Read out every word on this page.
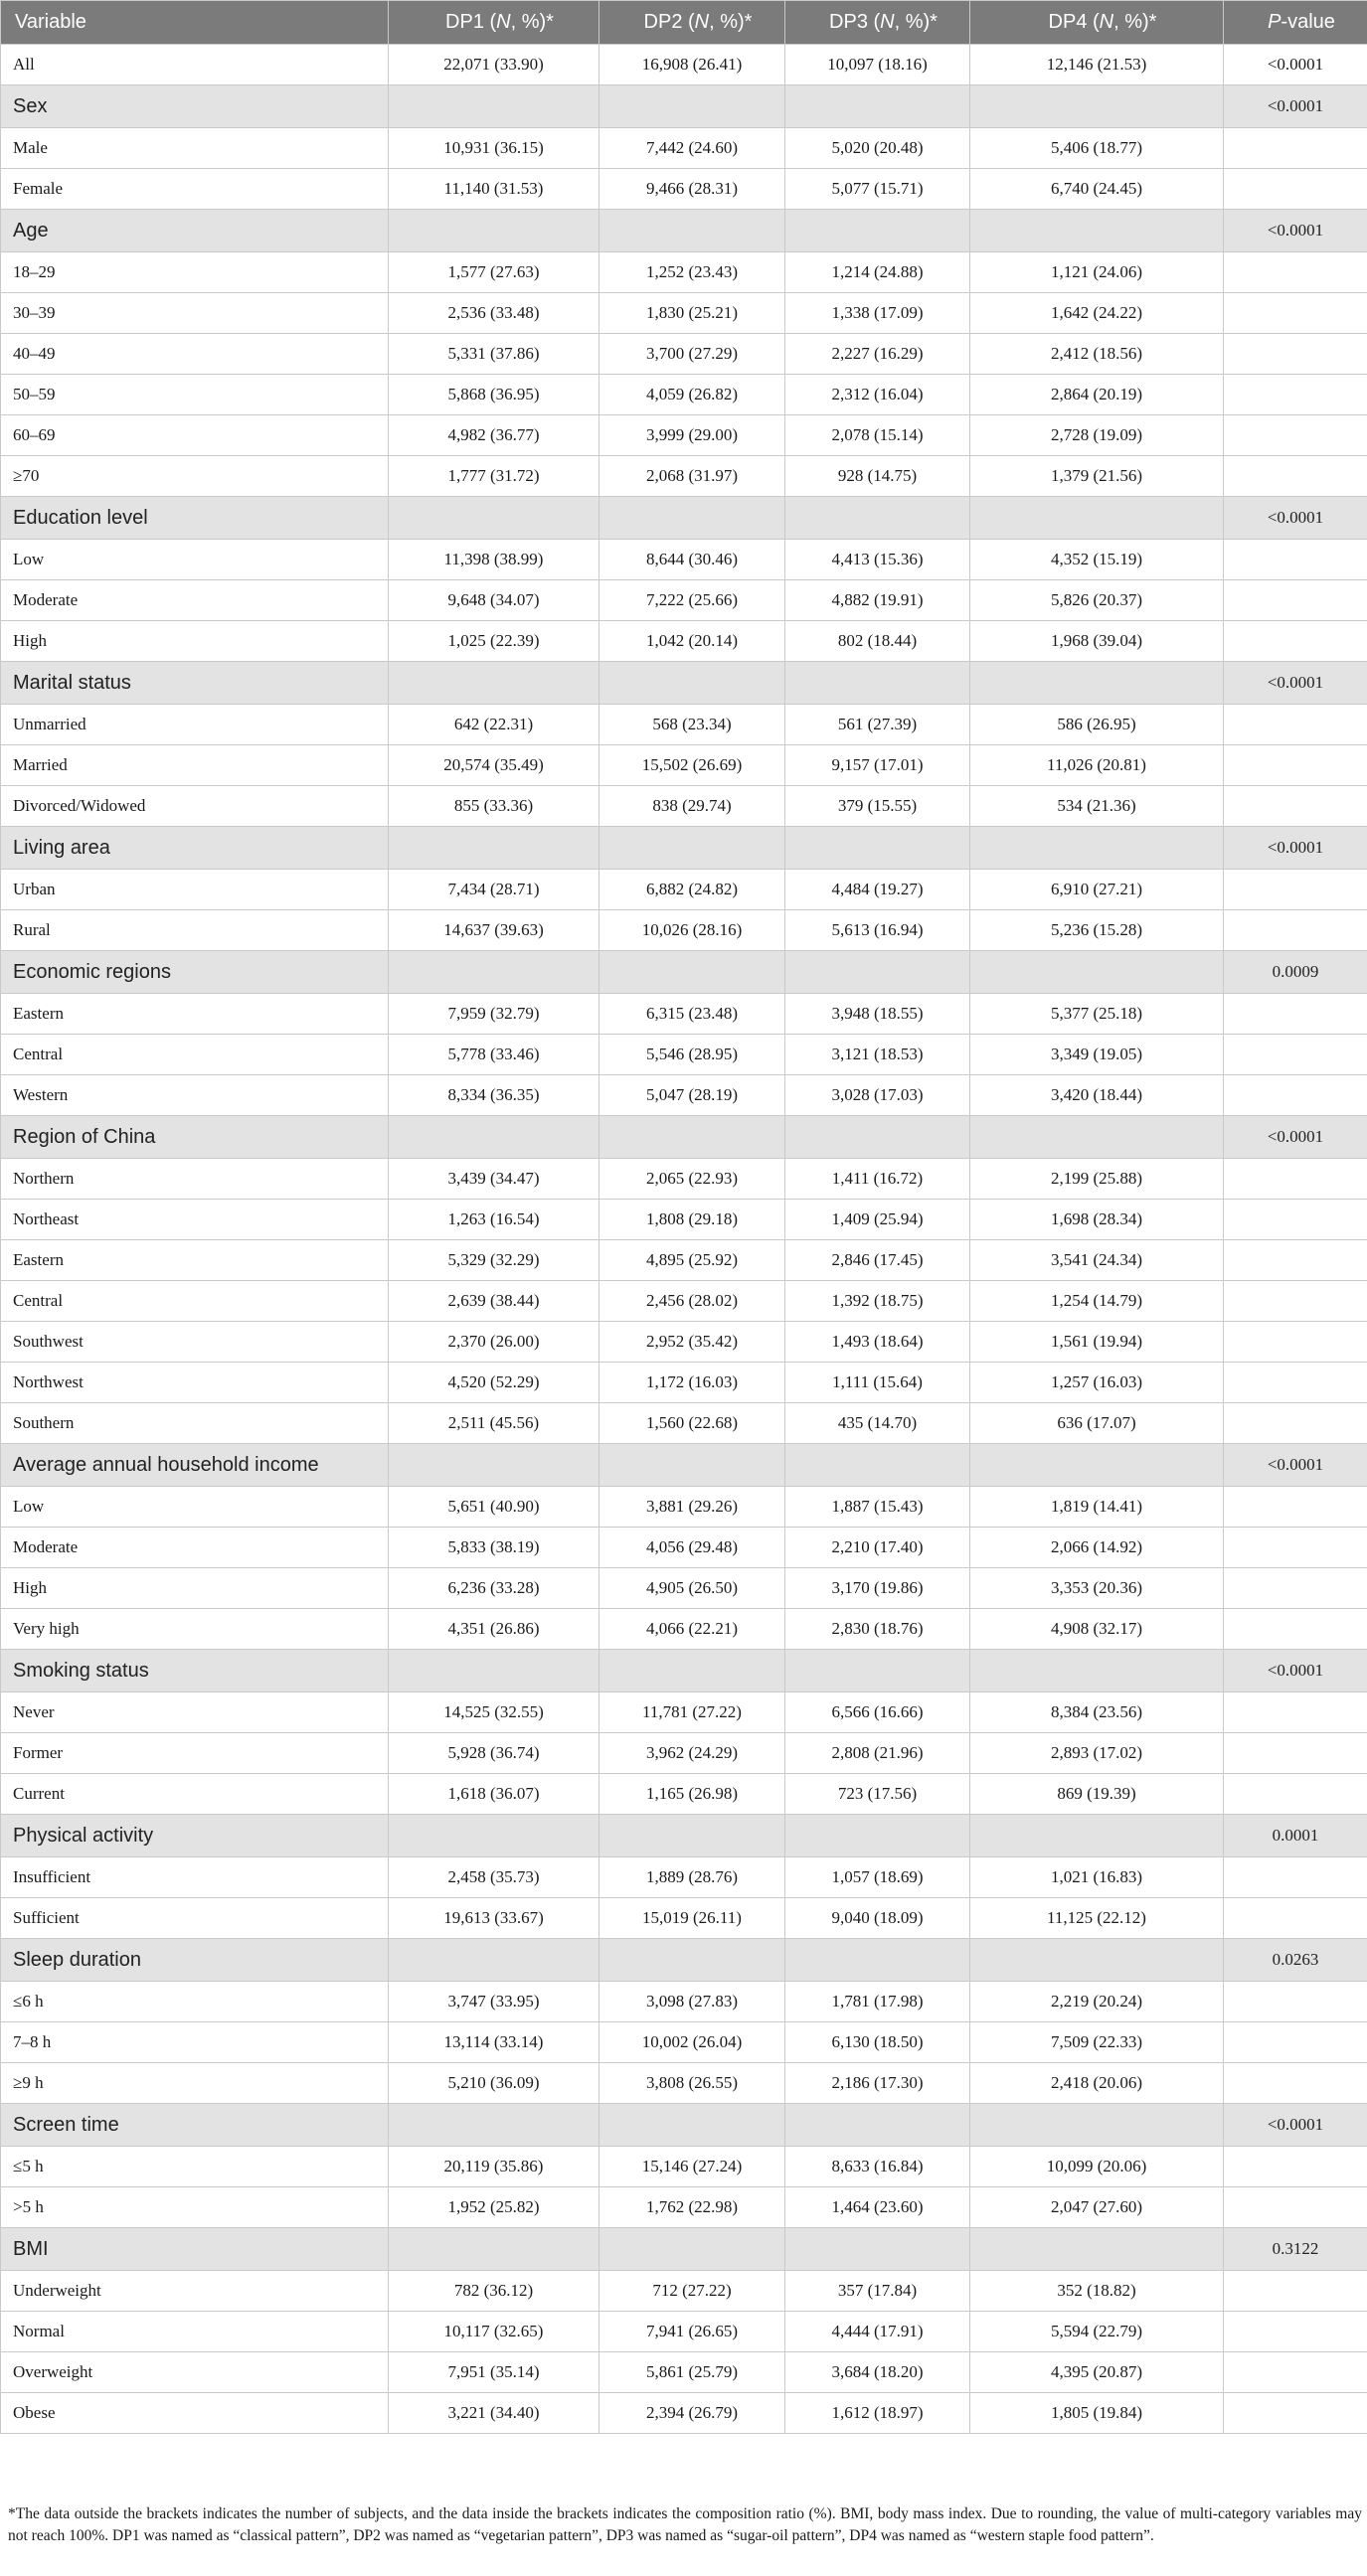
Variable	DP1 (N, %)*	DP2 (N, %)*	DP3 (N, %)*	DP4 (N, %)*	P-value
All	22,071 (33.90)	16,908 (26.41)	10,097 (18.16)	12,146 (21.53)	<0.0001
Sex					<0.0001
Male	10,931 (36.15)	7,442 (24.60)	5,020 (20.48)	5,406 (18.77)	
Female	11,140 (31.53)	9,466 (28.31)	5,077 (15.71)	6,740 (24.45)	
Age					<0.0001
18–29	1,577 (27.63)	1,252 (23.43)	1,214 (24.88)	1,121 (24.06)	
30–39	2,536 (33.48)	1,830 (25.21)	1,338 (17.09)	1,642 (24.22)	
40–49	5,331 (37.86)	3,700 (27.29)	2,227 (16.29)	2,412 (18.56)	
50–59	5,868 (36.95)	4,059 (26.82)	2,312 (16.04)	2,864 (20.19)	
60–69	4,982 (36.77)	3,999 (29.00)	2,078 (15.14)	2,728 (19.09)	
≥70	1,777 (31.72)	2,068 (31.97)	928 (14.75)	1,379 (21.56)	
Education level					<0.0001
Low	11,398 (38.99)	8,644 (30.46)	4,413 (15.36)	4,352 (15.19)	
Moderate	9,648 (34.07)	7,222 (25.66)	4,882 (19.91)	5,826 (20.37)	
High	1,025 (22.39)	1,042 (20.14)	802 (18.44)	1,968 (39.04)	
Marital status					<0.0001
Unmarried	642 (22.31)	568 (23.34)	561 (27.39)	586 (26.95)	
Married	20,574 (35.49)	15,502 (26.69)	9,157 (17.01)	11,026 (20.81)	
Divorced/Widowed	855 (33.36)	838 (29.74)	379 (15.55)	534 (21.36)	
Living area					<0.0001
Urban	7,434 (28.71)	6,882 (24.82)	4,484 (19.27)	6,910 (27.21)	
Rural	14,637 (39.63)	10,026 (28.16)	5,613 (16.94)	5,236 (15.28)	
Economic regions					0.0009
Eastern	7,959 (32.79)	6,315 (23.48)	3,948 (18.55)	5,377 (25.18)	
Central	5,778 (33.46)	5,546 (28.95)	3,121 (18.53)	3,349 (19.05)	
Western	8,334 (36.35)	5,047 (28.19)	3,028 (17.03)	3,420 (18.44)	
Region of China					<0.0001
Northern	3,439 (34.47)	2,065 (22.93)	1,411 (16.72)	2,199 (25.88)	
Northeast	1,263 (16.54)	1,808 (29.18)	1,409 (25.94)	1,698 (28.34)	
Eastern	5,329 (32.29)	4,895 (25.92)	2,846 (17.45)	3,541 (24.34)	
Central	2,639 (38.44)	2,456 (28.02)	1,392 (18.75)	1,254 (14.79)	
Southwest	2,370 (26.00)	2,952 (35.42)	1,493 (18.64)	1,561 (19.94)	
Northwest	4,520 (52.29)	1,172 (16.03)	1,111 (15.64)	1,257 (16.03)	
Southern	2,511 (45.56)	1,560 (22.68)	435 (14.70)	636 (17.07)	
Average annual household income					<0.0001
Low	5,651 (40.90)	3,881 (29.26)	1,887 (15.43)	1,819 (14.41)	
Moderate	5,833 (38.19)	4,056 (29.48)	2,210 (17.40)	2,066 (14.92)	
High	6,236 (33.28)	4,905 (26.50)	3,170 (19.86)	3,353 (20.36)	
Very high	4,351 (26.86)	4,066 (22.21)	2,830 (18.76)	4,908 (32.17)	
Smoking status					<0.0001
Never	14,525 (32.55)	11,781 (27.22)	6,566 (16.66)	8,384 (23.56)	
Former	5,928 (36.74)	3,962 (24.29)	2,808 (21.96)	2,893 (17.02)	
Current	1,618 (36.07)	1,165 (26.98)	723 (17.56)	869 (19.39)	
Physical activity					0.0001
Insufficient	2,458 (35.73)	1,889 (28.76)	1,057 (18.69)	1,021 (16.83)	
Sufficient	19,613 (33.67)	15,019 (26.11)	9,040 (18.09)	11,125 (22.12)	
Sleep duration					0.0263
≤6 h	3,747 (33.95)	3,098 (27.83)	1,781 (17.98)	2,219 (20.24)	
7–8 h	13,114 (33.14)	10,002 (26.04)	6,130 (18.50)	7,509 (22.33)	
≥9 h	5,210 (36.09)	3,808 (26.55)	2,186 (17.30)	2,418 (20.06)	
Screen time					<0.0001
≤5 h	20,119 (35.86)	15,146 (27.24)	8,633 (16.84)	10,099 (20.06)	
>5 h	1,952 (25.82)	1,762 (22.98)	1,464 (23.60)	2,047 (27.60)	
BMI					0.3122
Underweight	782 (36.12)	712 (27.22)	357 (17.84)	352 (18.82)	
Normal	10,117 (32.65)	7,941 (26.65)	4,444 (17.91)	5,594 (22.79)	
Overweight	7,951 (35.14)	5,861 (25.79)	3,684 (18.20)	4,395 (20.87)	
Obese	3,221 (34.40)	2,394 (26.79)	1,612 (18.97)	1,805 (19.84)	
*The data outside the brackets indicates the number of subjects, and the data inside the brackets indicates the composition ratio (%). BMI, body mass index. Due to rounding, the value of multi-category variables may not reach 100%. DP1 was named as “classical pattern”, DP2 was named as “vegetarian pattern”, DP3 was named as “sugar-oil pattern”, DP4 was named as “western staple food pattern”.
